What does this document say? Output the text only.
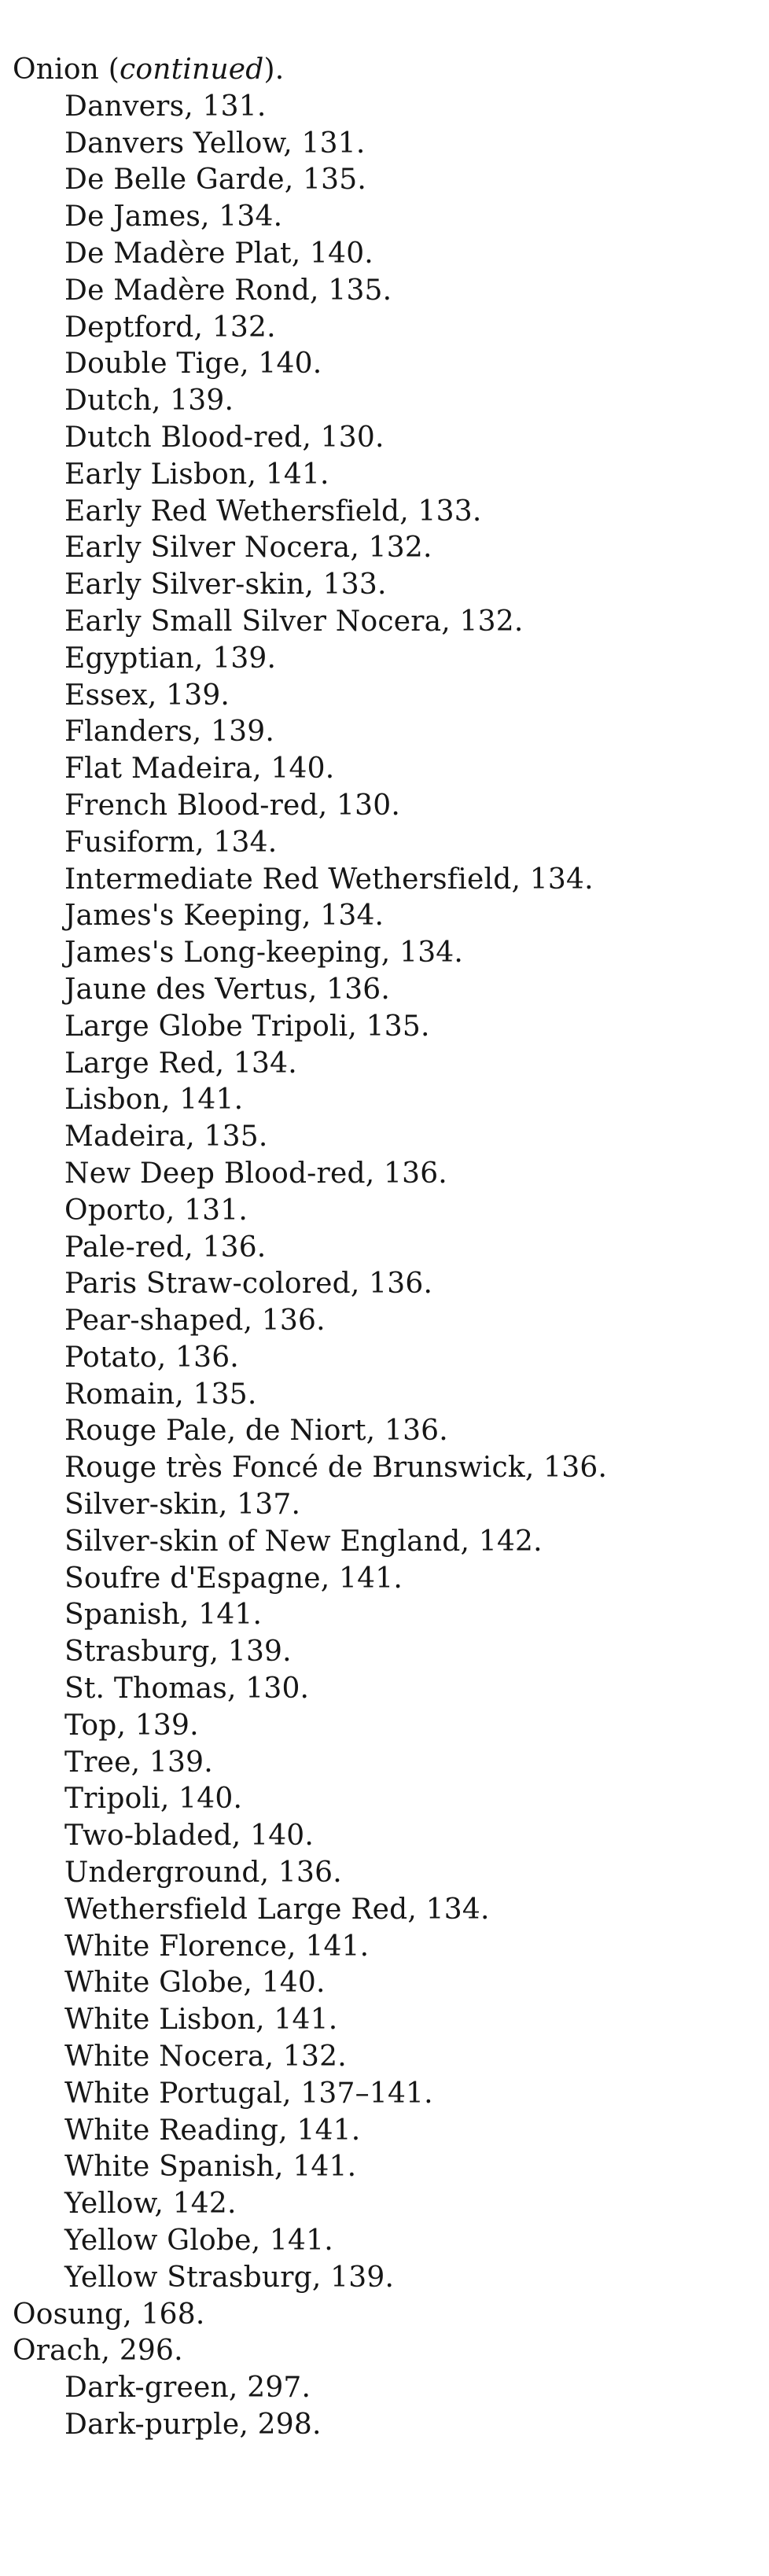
Onion (continued).
Danvers, 131.
Danvers Yellow, 131.
De Belle Garde, 135.
De James, 134.
De Madère Plat, 140.
De Madère Rond, 135.
Deptford, 132.
Double Tige, 140.
Dutch, 139.
Dutch Blood-red, 130.
Early Lisbon, 141.
Early Red Wethersfield, 133.
Early Silver Nocera, 132.
Early Silver-skin, 133.
Early Small Silver Nocera, 132.
Egyptian, 139.
Essex, 139.
Flanders, 139.
Flat Madeira, 140.
French Blood-red, 130.
Fusiform, 134.
Intermediate Red Wethersfield, 134.
James's Keeping, 134.
James's Long-keeping, 134.
Jaune des Vertus, 136.
Large Globe Tripoli, 135.
Large Red, 134.
Lisbon, 141.
Madeira, 135.
New Deep Blood-red, 136.
Oporto, 131.
Pale-red, 136.
Paris Straw-colored, 136.
Pear-shaped, 136.
Potato, 136.
Romain, 135.
Rouge Pale, de Niort, 136.
Rouge très Foncé de Brunswick, 136.
Silver-skin, 137.
Silver-skin of New England, 142.
Soufre d'Espagne, 141.
Spanish, 141.
Strasburg, 139.
St. Thomas, 130.
Top, 139.
Tree, 139.
Tripoli, 140.
Two-bladed, 140.
Underground, 136.
Wethersfield Large Red, 134.
White Florence, 141.
White Globe, 140.
White Lisbon, 141.
White Nocera, 132.
White Portugal, 137–141.
White Reading, 141.
White Spanish, 141.
Yellow, 142.
Yellow Globe, 141.
Yellow Strasburg, 139.
Oosung, 168.
Orach, 296.
Dark-green, 297.
Dark-purple, 298.
